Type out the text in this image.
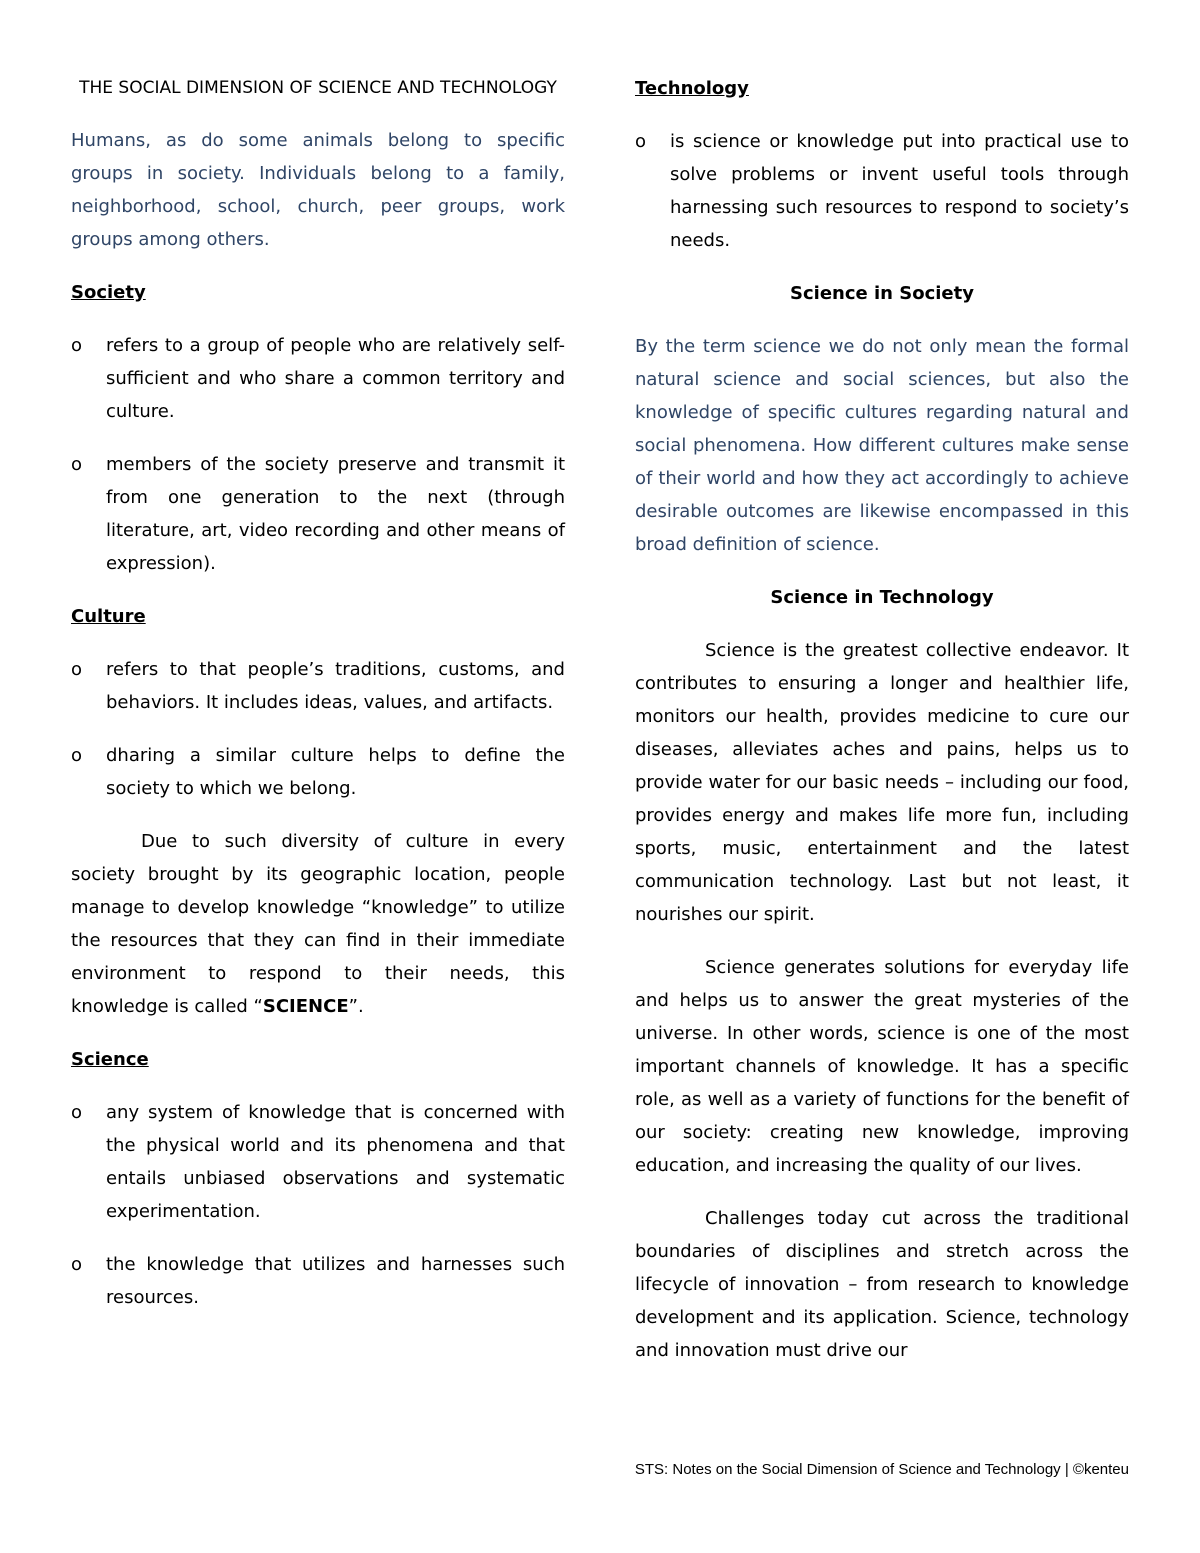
THE SOCIAL DIMENSION OF SCIENCE AND TECHNOLOGY
Humans, as do some animals belong to specific groups in society. Individuals belong to a family, neighborhood, school, church, peer groups, work groups among others.
Society
o refers to a group of people who are relatively self-sufficient and who share a common territory and culture.
o members of the society preserve and transmit it from one generation to the next (through literature, art, video recording and other means of expression).
Culture
o refers to that people’s traditions, customs, and behaviors. It includes ideas, values, and artifacts.
o dharing a similar culture helps to define the society to which we belong.
Due to such diversity of culture in every society brought by its geographic location, people manage to develop knowledge “knowledge” to utilize the resources that they can find in their immediate environment to respond to their needs, this knowledge is called “SCIENCE”.
Science
o any system of knowledge that is concerned with the physical world and its phenomena and that entails unbiased observations and systematic experimentation.
o the knowledge that utilizes and harnesses such resources.
Technology
o is science or knowledge put into practical use to solve problems or invent useful tools through harnessing such resources to respond to society’s needs.
Science in Society
By the term science we do not only mean the formal natural science and social sciences, but also the knowledge of specific cultures regarding natural and social phenomena. How different cultures make sense of their world and how they act accordingly to achieve desirable outcomes are likewise encompassed in this broad definition of science.
Science in Technology
Science is the greatest collective endeavor. It contributes to ensuring a longer and healthier life, monitors our health, provides medicine to cure our diseases, alleviates aches and pains, helps us to provide water for our basic needs – including our food, provides energy and makes life more fun, including sports, music, entertainment and the latest communication technology. Last but not least, it nourishes our spirit.
Science generates solutions for everyday life and helps us to answer the great mysteries of the universe. In other words, science is one of the most important channels of knowledge. It has a specific role, as well as a variety of functions for the benefit of our society: creating new knowledge, improving education, and increasing the quality of our lives.
Challenges today cut across the traditional boundaries of disciplines and stretch across the lifecycle of innovation – from research to knowledge development and its application. Science, technology and innovation must drive our
STS: Notes on the Social Dimension of Science and Technology | ©kenteu
